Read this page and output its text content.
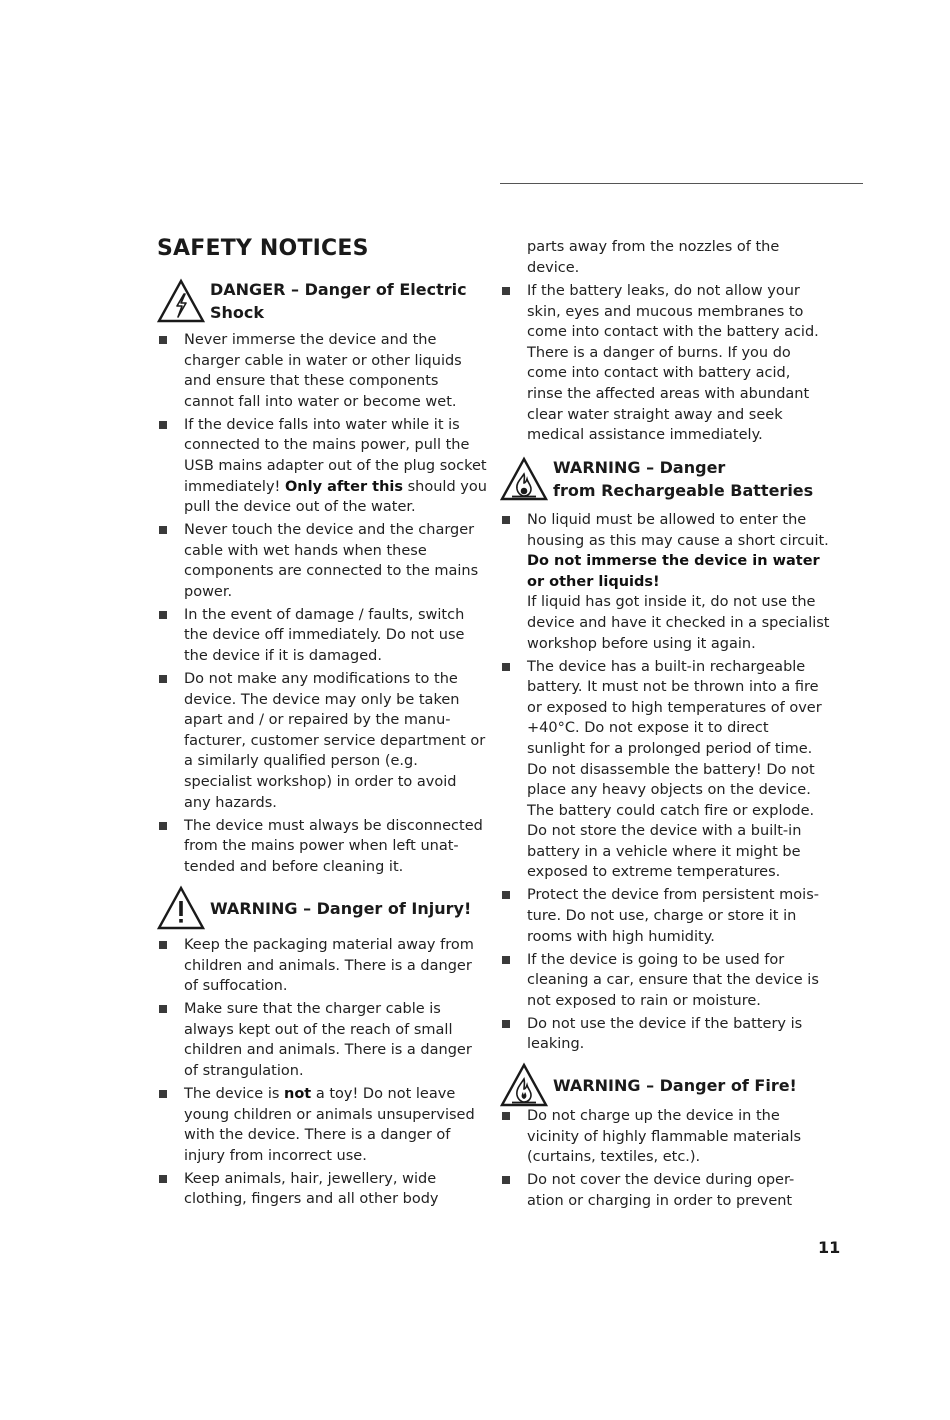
SAFETY NOTICES
DANGER – Danger of Electric
Shock
Never immerse the device and the charger cable in water or other liquids and ensure that these components cannot fall into water or become wet.
If the device falls into water while it is connected to the mains power, pull the USB mains adapter out of the plug socket immediately! Only after this should you pull the device out of the water.
Never touch the device and the charger cable with wet hands when these components are connected to the mains power.
In the event of damage / faults, switch the device off immediately. Do not use the device if it is damaged.
Do not make any modifications to the device. The device may only be taken apart and / or repaired by the manu-facturer, customer service department or a similarly qualified person (e.g. specialist workshop) in order to avoid any hazards.
The device must always be disconnected from the mains power when left unat-tended and before cleaning it.
WARNING – Danger of Injury!
Keep the packaging material away from children and animals. There is a danger of suffocation.
Make sure that the charger cable is always kept out of the reach of small children and animals. There is a danger of strangulation.
The device is not a toy! Do not leave young children or animals unsupervised with the device. There is a danger of injury from incorrect use.
Keep animals, hair, jewellery, wide clothing, fingers and all other body
parts away from the nozzles of the device.
If the battery leaks, do not allow your skin, eyes and mucous membranes to come into contact with the battery acid. There is a danger of burns. If you do come into contact with battery acid, rinse the affected areas with abundant clear water straight away and seek medical assistance immediately.
WARNING – Danger
from Rechargeable Batteries
No liquid must be allowed to enter the housing as this may cause a short circuit. Do not immerse the device in water or other liquids!
If liquid has got inside it, do not use the device and have it checked in a specialist workshop before using it again.
The device has a built-in rechargeable battery. It must not be thrown into a fire or exposed to high temperatures of over +40°C. Do not expose it to direct sunlight for a prolonged period of time. Do not disassemble the battery! Do not place any heavy objects on the device. The battery could catch fire or explode. Do not store the device with a built-in battery in a vehicle where it might be exposed to extreme temperatures.
Protect the device from persistent mois-ture. Do not use, charge or store it in rooms with high humidity.
If the device is going to be used for cleaning a car, ensure that the device is not exposed to rain or moisture.
Do not use the device if the battery is leaking.
WARNING – Danger of Fire!
Do not charge up the device in the vicinity of highly flammable materials (curtains, textiles, etc.).
Do not cover the device during oper-ation or charging in order to prevent
11
